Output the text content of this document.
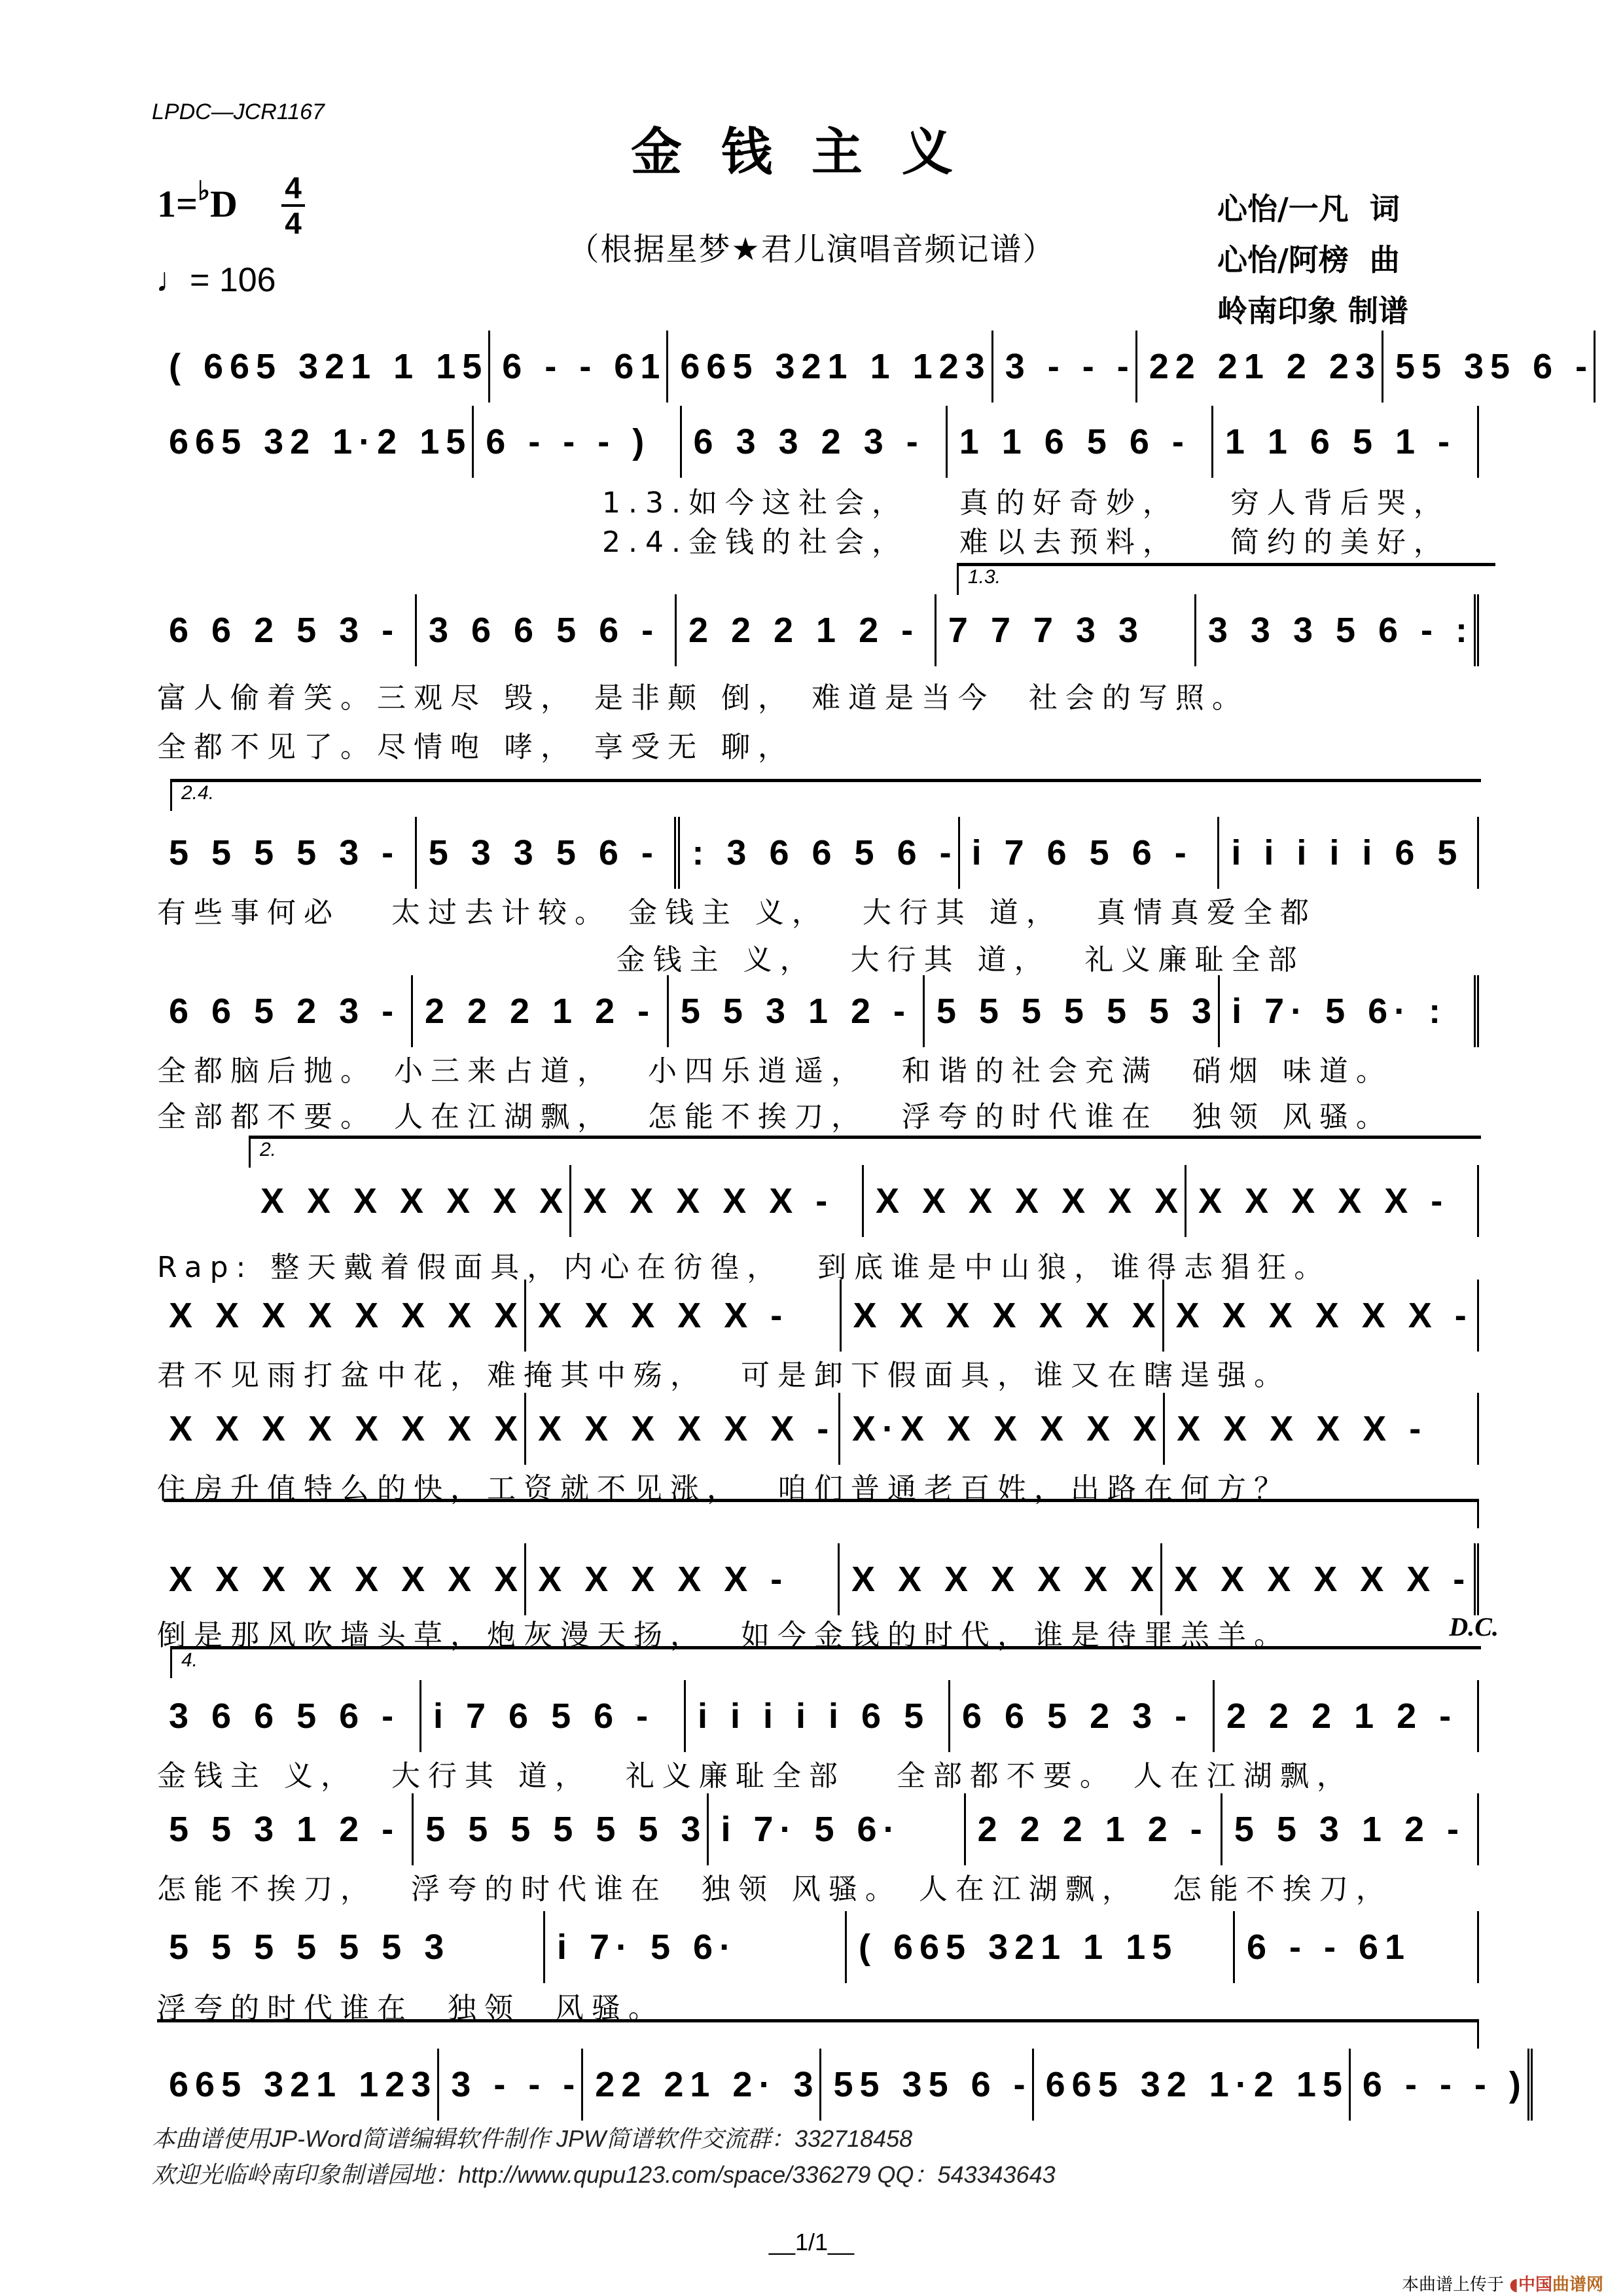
LPDC—JCR1167
金钱主义
1=♭D 4
4
♩= 106
（根据星梦★君儿演唱音频记谱）
心怡/一凡  词
心怡/阿榜  曲
岭南印象 制谱
( 665 321 1 15 6 - - 61 665 321 1 123 3 - - - 22 21 2 23 55 35 6 -
665 32 1·2 15 6 - - - )	6 3 3 2 3 - 1 1 6 5 6 - 1 1 6 5 1 -
1.3.如今这社会，   真的好奇妙，   穷人背后哭，
2.4.金钱的社会，   难以去预料，   简约的美好，
1.3.
6 6 2 5 3 - 3 6 6 5 6 - 2 2 2 1 2 - 7 7 7 3 3	3 3 3 5 6 - :
富人偷着笑。三观尽 毁， 是非颠 倒， 难道是当今  社会的写照。
全都不见了。尽情咆 哮， 享受无 聊，
2.4.
5 5 5 5 3 - 5 3 3 5 6 - : 3 6 6 5 6 - i 7 6 5 6 -	i i i i i 6 5
有些事何必   太过去计较。 金钱主 义，  大行其 道，  真情真爱全都
金钱主 义，  大行其 道，  礼义廉耻全部
6 6 5 2 3 - 2 2 2 1 2 - 5 5 3 1 2 - 5 5 5 5 5 5 3 i 7· 5 6· :
全都脑后抛。 小三来占道，  小四乐逍遥，  和谐的社会充满  硝烟 味道。
全部都不要。 人在江湖飘，  怎能不挨刀，  浮夸的时代谁在  独领 风骚。
2.
X X X X X X X X X X X X -	X X X X X X X X X X X X -
Rap: 整天戴着假面具，内心在彷徨，  到底谁是中山狼，谁得志猖狂。
X X X X X X X X X X X X X -	X X X X X X X X X X X X X -
君不见雨打盆中花，难掩其中殇，  可是卸下假面具，谁又在瞎逞强。
X X X X X X X X X X X X X X - X·X X X X X X X X X X X -
住房升值特么的快，工资就不见涨，  咱们普通老百姓，出路在何方？
X X X X X X X X X X X X X -	X X X X X X X X X X X X X -
倒是那风吹墙头草，炮灰漫天扬，  如今金钱的时代，谁是待罪羔羊。	D.C.
4.
3 6 6 5 6 - i 7 6 5 6 -	i i i i i 6 5 6 6 5 2 3 - 2 2 2 1 2 -
金钱主 义，  大行其 道，  礼义廉耻全部   全部都不要。 人在江湖飘，
5 5 3 1 2 - 5 5 5 5 5 5 3 i 7· 5 6·	2 2 2 1 2 - 5 5 3 1 2 -
怎能不挨刀，  浮夸的时代谁在  独领 风骚。 人在江湖飘，  怎能不挨刀，
5 5 5 5 5 5 3	i 7· 5 6·	( 665 321 1 15	6 - - 61
浮夸的时代谁在  独领  风骚。
665 321 123 3 - - - 22 21 2· 3 55 35 6 - 665 32 1·2 15 6 - - - )
本曲谱使用JP-Word简谱编辑软件制作 JPW简谱软件交流群：332718458
欢迎光临岭南印象制谱园地：http://www.qupu123.com/space/336279 QQ：543343643
__1/1__
本曲谱上传于 ◖中国曲谱网
